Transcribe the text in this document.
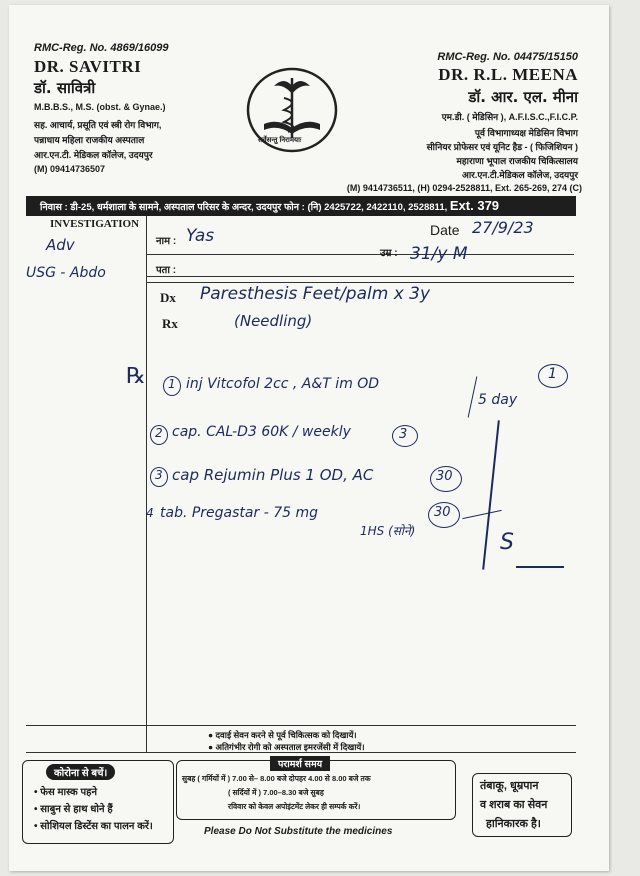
RMC-Reg. No. 4869/16099
DR. SAVITRI
डॉ. सावित्री
M.B.B.S., M.S. (obst. & Gynae.)
सह. आचार्य, प्रसूति एवं स्त्री रोग विभाग,
पन्नाधाय महिला राजकीय अस्पताल
आर.एन.टी. मेडिकल कॉलेज, उदयपुर
(M) 09414736507
सर्वेसन्तु निरामयाः
RMC-Reg. No. 04475/15150
DR. R.L. MEENA
डॉ. आर. एल. मीना
एम.डी. ( मेडिसिन ), A.F.I.S.C.,F.I.C.P.
पूर्व विभागाध्यक्ष मेडिसिन विभाग
सीनियर प्रोफेसर एवं यूनिट हैड - ( फिजिशियन )
महाराणा भूपाल राजकीय चिकित्सालय
आर.एन.टी.मेडिकल कॉलेज, उदयपुर
(M) 9414736511, (H) 0294-2528811, Ext. 265-269, 274 (C)
निवास : डी-25, धर्मशाला के सामने, अस्पताल परिसर के अन्दर, उदयपुर फोन : (नि) 2425722, 2422110, 2528811, Ext. 379
INVESTIGATION
नाम :
पता :
Date
उम्र :
Dx
Rx
Adv
USG - Abdo
Yas	27/9/23
31/y M
Paresthesis Feet/palm x 3y
(Needling)
℞ 1 inj Vitcofol 2cc , A&T im OD
5 day
1
2 cap. CAL-D3 60K / weekly	3
3 cap Rejumin Plus 1 OD, AC	30
4 tab. Pregastar - 75 mg
1HS (सोने)
30
S
● दवाई सेवन करने से पूर्व चिकित्सक को दिखायें।
● अतिगंभीर रोगी को अस्पताल इमरजेंसी में दिखायें।
कोरोना से बचें।
• फेस मास्क पहने
• साबुन से हाथ धोने हैं
• सोशियल डिस्टेंस का पालन करें।
परामर्श समय
सुबह ( गर्मियों में ) 7.00 से– 8.00 बजे दोपहर 4.00 से 8.00 बजे तक
( सर्दियों में ) 7.00–8.30 बजे सुबह
रविवार को केवल अपोइंटमेंट लेकर ही सम्पर्क करें।
Please Do Not Substitute the medicines
तंबाकू, धूम्रपान
व शराब का सेवन
हानिकारक है।
